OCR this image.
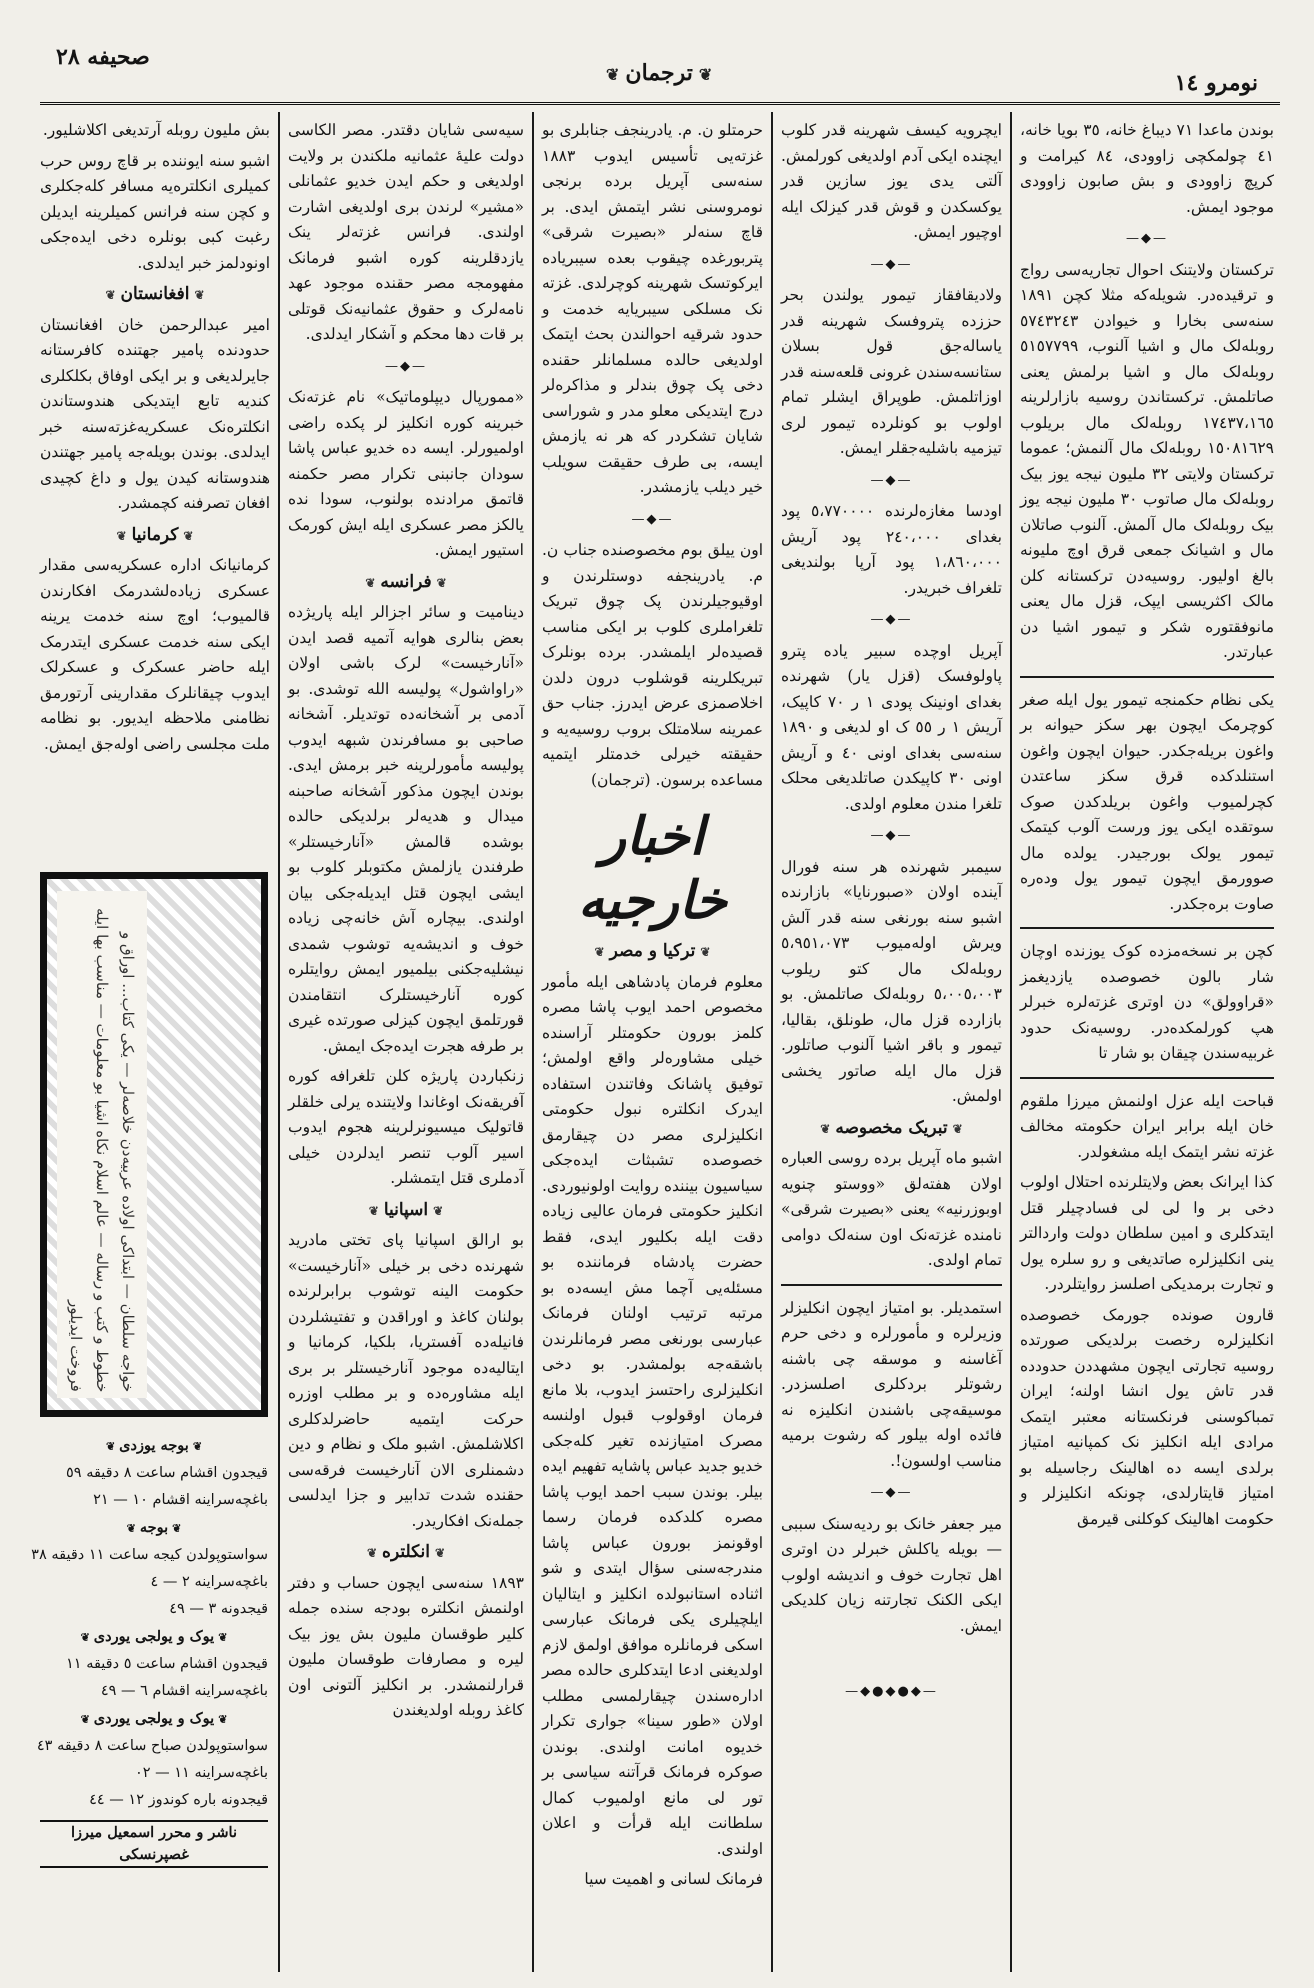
صحیفه ۲۸
❦ترجمان❦	نومرو ١٤

بوندن ماعدا ٧١ دیباغ خانه، ٣٥ بویا خانه، ٤١ چولمکچی زاوودی، ٨٤ کیرامت و کرپچ زاوودی و بش صابون زاوودی موجود ایمش.

—◆—

ترکستان ولایتنک احوال تجاریه‌سی رواج و ترقیده‌در. شویله‌که مثلا کچن ١٨٩١ سنه‌سی بخارا و خیوادن ٥٧٤٣٢٤٣ روبله‌لک مال و اشیا آلنوب، ٥١٥٧٧٩٩ روبله‌لک مال و اشیا برلمش یعنی صاتلمش. ترکستاندن روسیه بازارلرینه ١٧٤٣٧،١٦٥ روبله‌لک مال بریلوب ١٥٠٨١٦٢٩ روبله‌لک مال آلنمش؛ عموما ترکستان ولایتی ٣٢ ملیون نیجه یوز بیک روبله‌لک مال صاتوب ٣٠ ملیون نیجه یوز بیک روبله‌لک مال آلمش. آلنوب صاتلان مال و اشیانک جمعی قرق اوچ ملیونه بالغ اولیور. روسیه‌دن ترکستانه کلن مالک اکثریسی ایپک، قزل مال یعنی مانوفقتوره شکر و تیمور اشیا دن عبارتدر.

یکی نظام حکمنجه تیمور یول ایله صغر کوچرمک ایچون بهر سکز حیوانه بر واغون بریله‌جکدر. حیوان ایچون واغون استنلدکده قرق سکز ساعتدن کچرلمیوب واغون بریلدکدن صوک سوتقده ایکی یوز ورست آلوب کیتمک تیمور یولک بورجیدر. یولده مال صوورمق ایچون تیمور یول وده‌ره صاوت بره‌جکدر.

کچن بر نسخه‌مزده کوک یوزنده اوچان شار بالون خصوصده یازدیغمز «قراوولق» دن اوتری غزته‌لره خبرلر هپ کورلمکده‌در. روسیه‌نک حدود غربیه‌سندن چیقان بو شار تا

قباحت ایله عزل اولنمش میرزا ملقوم خان ایله برابر ایران حکومته مخالف غزته نشر ایتمک ایله مشغولدر.

کذا ایرانک بعض ولایتلرنده احتلال اولوب دخی بر وا لی لی فسادچیلر قتل ایتدکلری و امین سلطان دولت واردالتر ینی انکلیزلره صاتدیغی و رو سلره یول و تجارت برمدیکی اصلسز روایتلردر.

قارون صونده جورمک خصوصده انکلیزلره رخصت برلدیکی صورتده روسیه تجارتی ایچون مشهددن حدودده قدر تاش یول انشا اولنه؛ ایران تمباکوسنی فرنکستانه معتبر ایتمک مرادی ایله انکلیز نک کمپانیه امتیاز برلدی ایسه ده اهالینک رجاسیله بو امتیاز قایتارلدی، چونکه انکلیزلر و حکومت اهالینک کوکلنی قیرمق

ایچرویه کیسف شهرینه قدر کلوب ایچنده ایکی آدم اولدیغی کورلمش. آلتی یدی یوز سازین قدر یوکسکدن و قوش قدر کیزلک ایله اوچیور ایمش.

—◆—

ولادیقافقاز تیمور یولندن بحر حززده پتروفسک شهرینه قدر یاساله‌جق قول بسلان ستانسه‌سندن غرونی قلعه‌سنه قدر اوزاتلمش. طوپراق ایشلر تمام اولوب بو کونلرده تیمور لری تیزمیه باشلیه‌جقلر ایمش.

—◆—

اودسا مغازه‌لرنده ٥،٧٧٠٠٠٠ پود بغدای ٢٤٠،٠٠٠ پود آریش ١،٨٦٠،٠٠٠ پود آرپا بولندیغی تلغراف خبریدر.

—◆—

آپریل اوچده سبیر یاده پترو پاولوفسک (قزل یار) شهرنده بغدای اونینک پودی ١ ر ٧٠ کاپیک، آریش ١ ر ٥٥ ک او لدیغی و ١٨٩٠ سنه‌سی بغدای اونی ٤٠ و آریش اونی ٣٠ کاپیکدن صاتلدیغی محلک تلغرا مندن معلوم اولدی.

—◆—

سیمبر شهرنده هر سنه فورال آینده اولان «صبورنایا» بازارنده اشبو سنه بورنغی سنه قدر آلش ویرش اوله‌میوب ٥،٩٥١،٠٧٣ روبله‌لک مال کتو ریلوب ٥،٠٠٥،٠٠٣ روبله‌لک صاتلمش. بو بازارده قزل مال، طونلق، بقالیا، تیمور و باقر اشیا آلنوب صاتلور. قزل مال ایله صاتور یخشی اولمش.

❦تبریک مخصوصه❦

اشبو ماه آپریل برده روسی العباره اولان هفته‌لق «ووستو چنویه اوبوزرنیه» یعنی «بصیرت شرقی» نامنده غزته‌نک اون سنه‌لک دوامی تمام اولدی.

استمدیلر. بو امتیاز ایچون انکلیزلر وزیرلره و مأمورلره و دخی حرم آغاسنه و موسقه چی باشنه رشوتلر بردکلری اصلسزدر. موسیقه‌چی باشندن انکلیزه نه فائده اوله بیلور که رشوت برمیه مناسب اولسون!.

—◆—

میر جعفر خانک بو ردیه‌سنک سببی — بویله یاکلش خبرلر دن اوتری اهل تجارت خوف و اندیشه اولوب ایکی الکنک تجارتنه زیان کلدیکی ایمش.

—◆●◆●◆—

حرمتلو ن. م. یادرینجف جنابلری بو غزته‌یی تأسیس ایدوب ١٨٨٣ سنه‌سی آپریل برده برنجی نومروسنی نشر ایتمش ایدی. بر قاچ سنه‌لر «بصیرت شرقی» پتربورغده چیقوب بعده سیبریاده ایرکوتسک شهرینه کوچرلدی. غزته نک مسلکی سیبریایه خدمت و حدود شرقیه احوالندن بحث ایتمک اولدیغی حالده مسلمانلر حقنده دخی پک چوق بندلر و مذاکره‌لر درج ایتدیکی معلو مدر و شوراسی شایان تشکردر که هر نه یازمش ایسه، بی طرف حقیقت سویلب خیر دیلب یازمشدر.

—◆—

اون ییلق بوم مخصوصنده جناب ن. م. یادرینجفه دوستلرندن و اوقیوجیلرندن پک چوق تبریک تلغراملری کلوب بر ایکی مناسب قصیده‌لر ایلمشدر. برده بونلرک تبریکلرینه قوشلوب درون دلدن اخلاصمزی عرض ایدرز. جناب حق عمرینه سلامتلک بروب روسیه‌یه و حقیقته خیرلی خدمتلر ایتمیه مساعده برسون. (ترجمان)

اخبار خارجیه
❦ترکیا و مصر❦

معلوم فرمان پادشاهی ایله مأمور مخصوص احمد ایوب پاشا مصره کلمز بورون حکومتلر آراسنده خیلی مشاوره‌لر واقع اولمش؛ توفیق پاشانک وفاتندن استفاده ایدرک انکلتره نبول حکومتی انکلیزلری مصر دن چیقارمق خصوصده تشبثات ایده‌جکی سیاسیون بیننده روایت اولونیوردی. انکلیز حکومتی فرمان عالیی زیاده دقت ایله بکلیور ایدی، فقط حضرت پادشاه فرماننده بو مسئله‌یی آچما مش ایسه‌ده بو مرتبه ترتیب اولنان فرمانک عبارسی بورنغی مصر فرمانلرندن باشقه‌جه بولمشدر. بو دخی انکلیزلری راحتسز ایدوب، بلا مانع فرمان اوقولوب قبول اولنسه مصرک امتیازنده تغیر کله‌جکی خدیو جدید عباس پاشایه تفهیم ایده بیلر. بوندن سبب احمد ایوب پاشا مصره کلدکده فرمان رسما اوقونمز بورون عباس پاشا مندرجه‌سنی سؤال ایتدی و شو اثناده استانبولده انکلیز و ایتالیان ایلچیلری یکی فرمانک عبارسی اسکی فرمانلره موافق اولمق لازم اولدیغنی ادعا ایتدکلری حالده مصر اداره‌سندن چیقارلمسی مطلب اولان «طور سینا» جواری تکرار خدیوه امانت اولندی. بوندن صوکره فرمانک قرآتنه سیاسی بر تور لی مانع اولمیوب کمال سلطانت ایله قرأت و اعلان اولندی.

فرمانک لسانی و اهمیت سیا

سیه‌سی شایان دقتدر. مصر الکاسی دولت علیهٔ عثمانیه ملکندن بر ولایت اولدیغی و حکم ایدن خدیو عثمانلی «مشیر» لرندن بری اولدیغی اشارت اولندی. فرانس غزته‌لر ینک یازدقلرینه کوره اشبو فرمانک مفهومجه مصر حقنده موجود عهد نامه‌لرک و حقوق عثمانیه‌نک قوتلی بر قات دها محکم و آشکار ایدلدی.

—◆—

«ممورپال دیپلوماتیک» نام غزته‌نک خبرینه کوره انکلیز لر پکده راضی اولمیورلر. ایسه ده خدیو عباس پاشا سودان جانبنی تکرار مصر حکمنه قاتمق مرادنده بولنوب، سودا نده یالکز مصر عسکری ایله ایش کورمک استیور ایمش.

❦فرانسه❦

دینامیت و سائر اجزالر ایله پاریژده بعض بنالری هوایه آتمیه قصد ایدن «آنارخیست» لرک باشی اولان «راواشول» پولیسه الله توشدی. بو آدمی بر آشخانه‌ده توتدیلر. آشخانه صاحبی بو مسافرندن شبهه ایدوب پولیسه مأمورلرینه خبر برمش ایدی. بوندن ایچون مذکور آشخانه صاحبنه میدال و هدیه‌لر برلدیکی حالده بوشده قالمش «آنارخیستلر» طرفندن یازلمش مکتوبلر کلوب بو ایشی ایچون قتل ایدیله‌جکی بیان اولندی. بیچاره آش خانه‌چی زیاده خوف و اندیشه‌یه توشوب شمدی نیشلیه‌جکنی بیلمیور ایمش روایتلره کوره آنارخیستلرک انتقامندن قورتلمق ایچون کیزلی صورتده غیری بر طرفه هجرت ایده‌جک ایمش.

زنکباردن پاریژه کلن تلغرافه کوره آفریقه‌نک اوغاندا ولایتنده یرلی خلقلر قاتولیک میسیونرلرینه هجوم ایدوب اسیر آلوب تنصر ایدلردن خیلی آدملری قتل ایتمشلر.

❦اسپانیا❦

بو ارالق اسپانیا پای تختی مادرید شهرنده دخی بر خیلی «آنارخیست» حکومت الینه توشوب برابرلرنده بولنان کاغذ و اوراقدن و تفتیشلردن فانیله‌ده آفستریا، بلکیا، کرمانیا و ایتالیه‌ده موجود آنارخیستلر بر بری ایله مشاوره‌ده و بر مطلب اوزره حرکت ایتمیه حاضرلدکلری اکلاشلمش. اشبو ملک و نظام و دین دشمنلری الان آنارخیست فرقه‌سی حقنده شدت تدابیر و جزا ایدلسی جمله‌نک افکاریدر.

❦انکلتره❦

١٨٩٣ سنه‌سی ایچون حساب و دفتر اولنمش انکلتره بودجه سنده جمله کلیر طوقسان ملیون بش یوز بیک لیره و مصارفات طوقسان ملیون قرارلنمشدر. بر انکلیز آلتونی اون کاغذ روبله اولدیغندن

بش ملیون روبله آرتدیغی اکلاشلیور.

اشبو سنه ایوننده بر قاچ روس حرب کمیلری انکلتره‌یه مسافر کله‌جکلری و کچن سنه فرانس کمیلرینه ایدیلن رغبت کبی بونلره دخی ایده‌جکی اونودلمز خبر ایدلدی.

❦افغانستان❦

امیر عبدالرحمن خان افغانستان حدودنده پامیر جهتنده کافرستانه جایرلدیغی و بر ایکی اوفاق بکلکلری کندیه تابع ایتدیکی هندوستاندن انکلتره‌نک عسکریه‌غزته‌سنه خبر ایدلدی. بوندن بویله‌جه پامیر جهتندن هندوستانه کیدن یول و داغ کچیدی افغان تصرفنه کچمشدر.

❦کرمانیا❦

کرمانیانک اداره عسکریه‌سی مقدار عسکری زیاده‌لشدرمک افکارندن قالمیوب؛ اوچ سنه خدمت یرینه ایکی سنه خدمت عسکری ایتدرمک ایله حاضر عسکرک و عسکرلک ایدوب چیقانلرک مقدارینی آرتورمق نظامنی ملاحظه ایدیور. بو نظامه ملت مجلسی راضی اوله‌جق ایمش.

خواجه سلطان — ابتداکی اولاده عربیه‌دن خلاصه‌لر — یکی کتاب... اوراق و خطوط و کتب و رساله — عالم اسلام نکاه اشیا بو معلومات — مناسب بها ایله فروخت ایدیلور
❦بوجه یوزدی❦
قیجدون اقشام ساعت ٨ دقیقه ٥٩
باغچه‌سراینه اقشام ١٠ — ٢١
❦بوجه❦
سواستوپولدن کیجه ساعت ١١ دقیقه ٣٨
باغچه‌سراینه ٢ — ٤
قیجدونه ٣ — ٤٩
❦یوک و یولجی یوردی❦
قیجدون اقشام ساعت ٥ دقیقه ١١
باغچه‌سراینه اقشام ٦ — ٤٩
❦یوک و یولجی یوردی❦
سواستوپولدن صباح ساعت ٨ دقیقه ٤٣
باغچه‌سراینه ١١ — ٠٢
قیجدونه باره کوندوز ١٢ — ٤٤
ناشر و محرر اسمعیل میرزا غصپرنسکی
